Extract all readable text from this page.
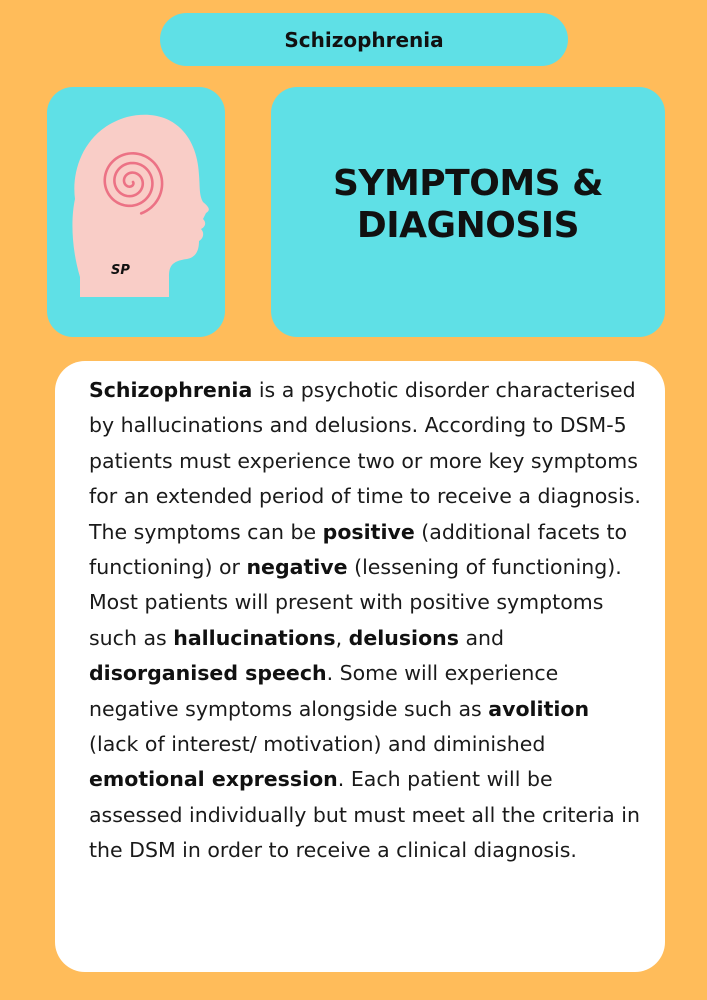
Schizophrenia
SP
SYMPTOMS &
DIAGNOSIS

Schizophrenia is a psychotic disorder characterised by hallucinations and delusions. According to DSM-5 patients must experience two or more key symptoms for an extended period of time to receive a diagnosis. The symptoms can be positive (additional facets to functioning) or negative (lessening of functioning). Most patients will present with positive symptoms such as hallucinations, delusions and disorganised speech. Some will experience negative symptoms alongside such as avolition (lack of interest/ motivation) and diminished emotional expression. Each patient will be assessed individually but must meet all the criteria in the DSM in order to receive a clinical diagnosis.
